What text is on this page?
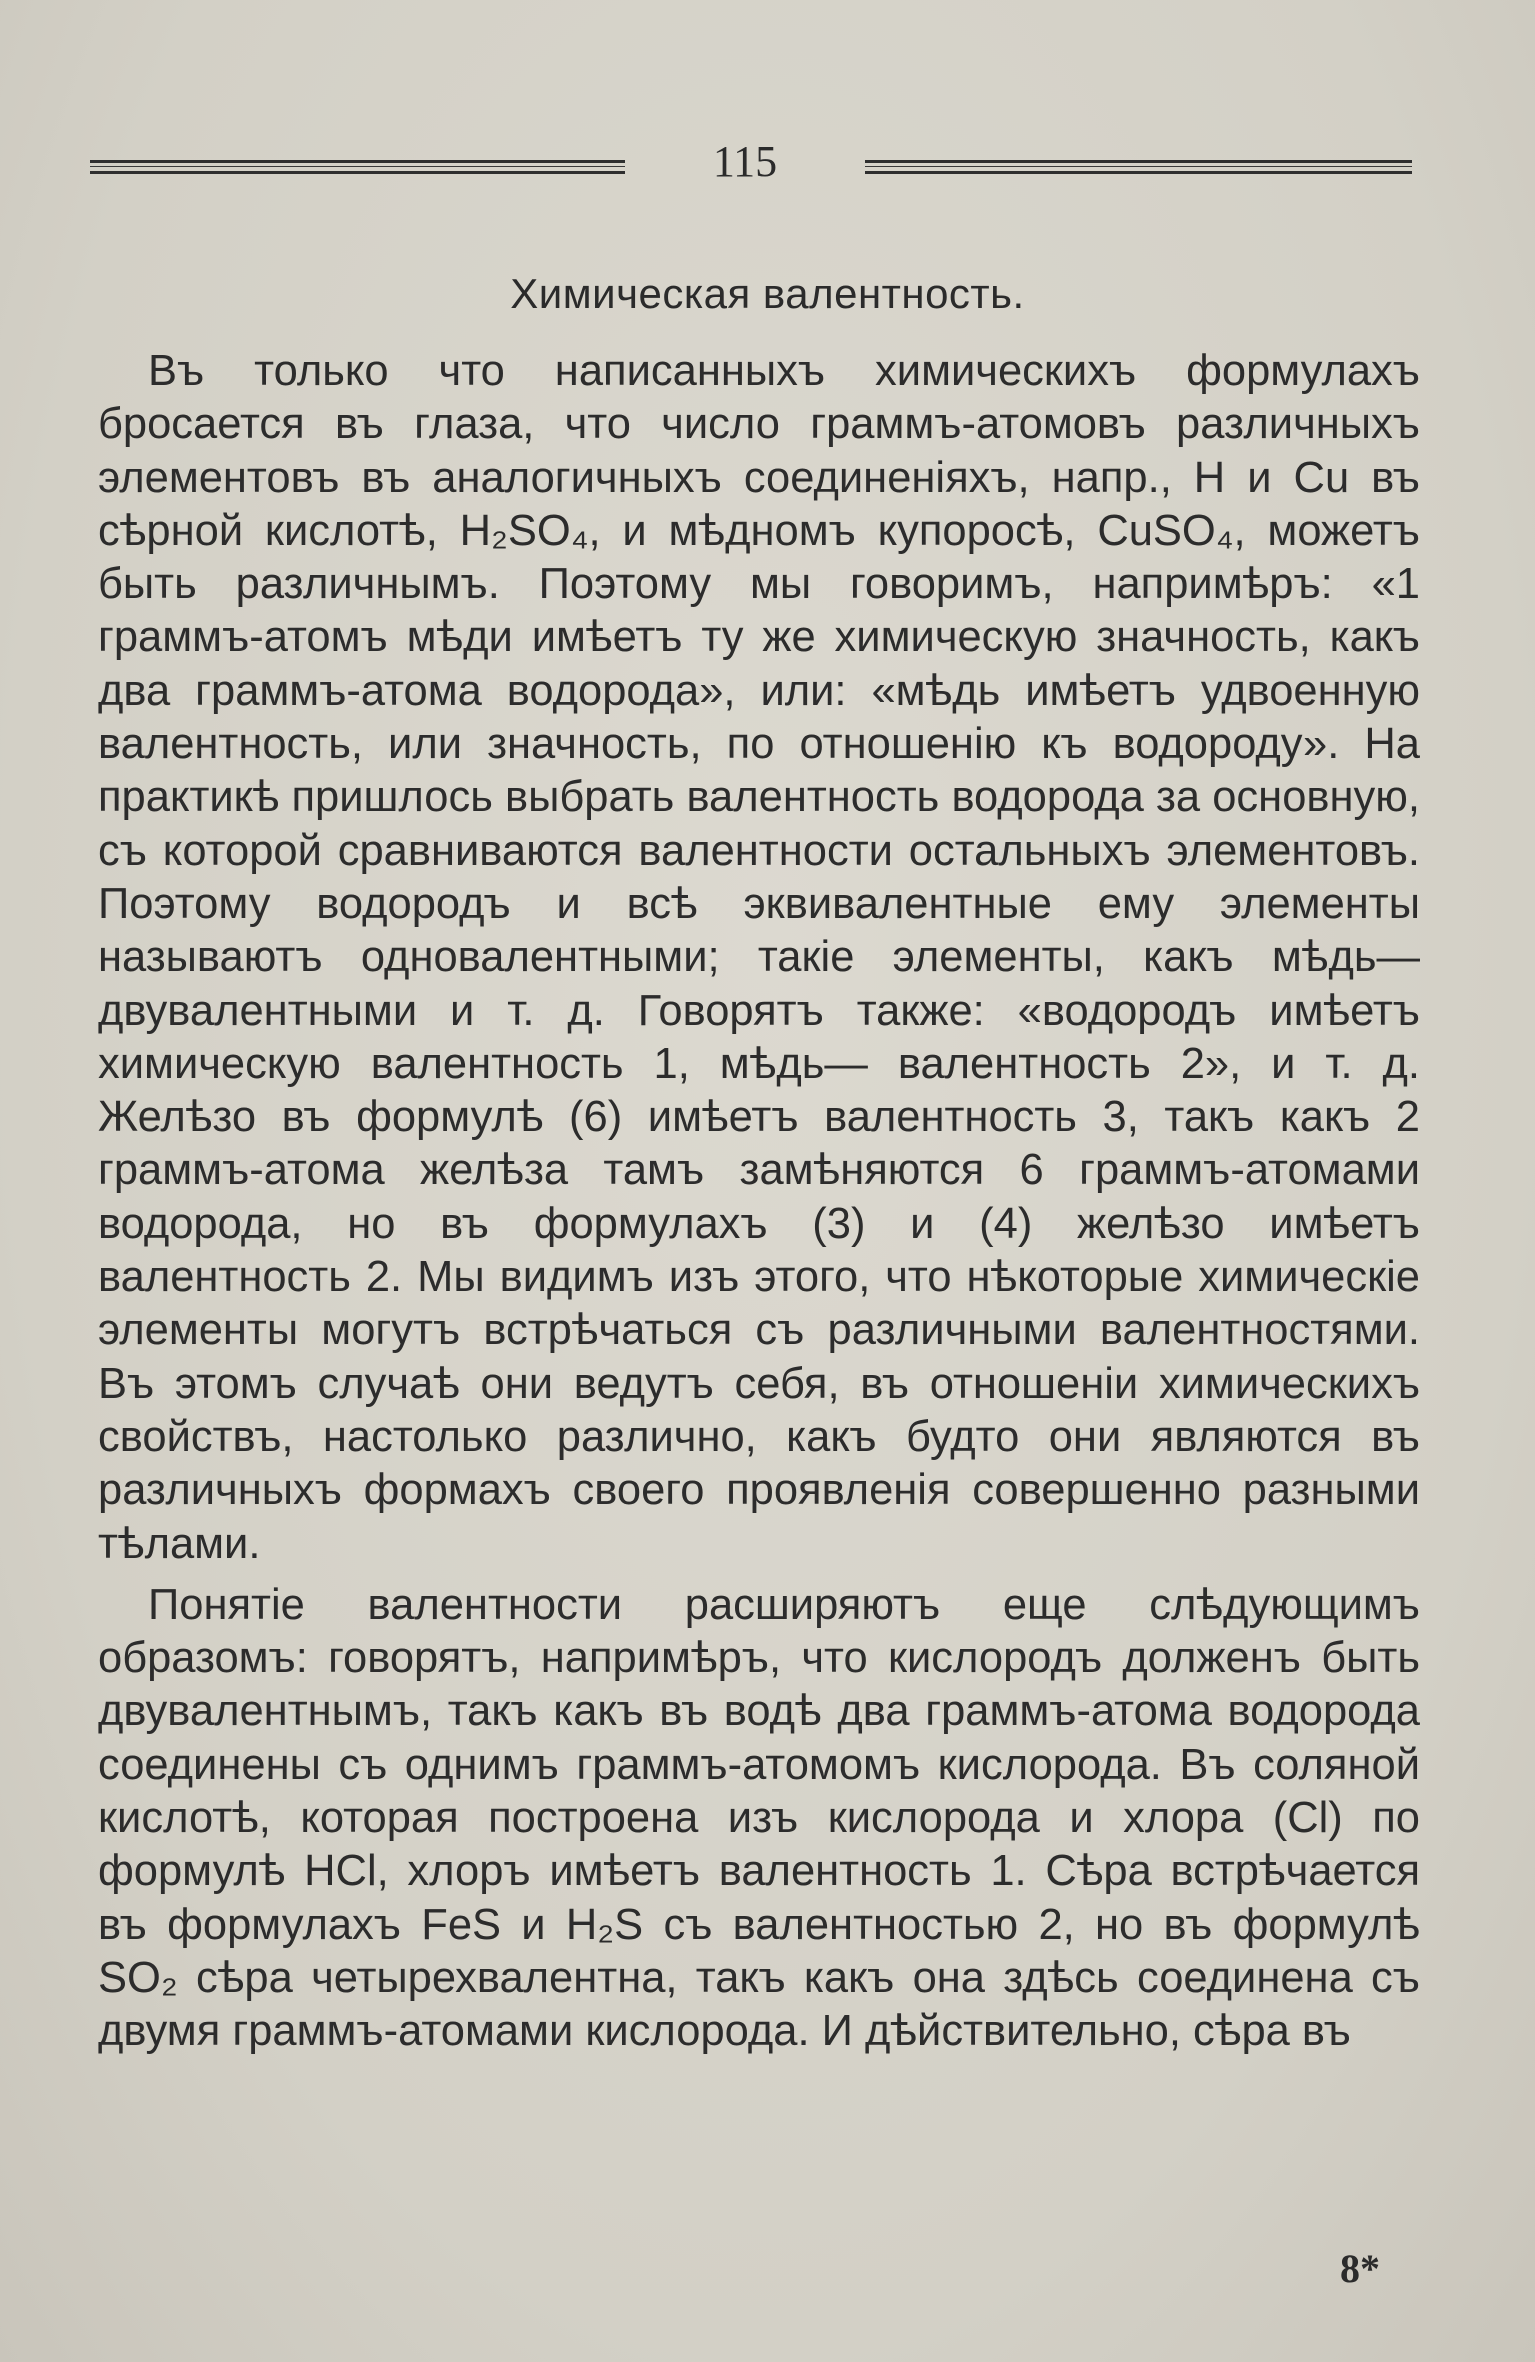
115
Химическая валентность.

Въ только что написанныхъ химическихъ формулахъ бросается въ глаза, что число граммъ-атомовъ различныхъ элементовъ въ аналогичныхъ соединеніяхъ, напр., H и Cu въ сѣрной кислотѣ, H₂SO₄, и мѣдномъ купоросѣ, CuSO₄, можетъ быть различнымъ. Поэтому мы говоримъ, напримѣръ: «1 граммъ-атомъ мѣди имѣетъ ту же химическую значность, какъ два граммъ-атома водорода», или: «мѣдь имѣетъ удвоенную валентность, или значность, по отношенію къ водороду». На практикѣ пришлось выбрать валентность водорода за основную, съ которой сравниваются валентности остальныхъ элементовъ. Поэтому водородъ и всѣ эквивалентные ему элементы называютъ одновалентными; такіе элементы, какъ мѣдь—двувалентными и т. д. Говорятъ также: «водородъ имѣетъ химическую валентность 1, мѣдь— валентность 2», и т. д. Желѣзо въ формулѣ (6) имѣетъ валентность 3, такъ какъ 2 граммъ-атома желѣза тамъ замѣняются 6 граммъ-атомами водорода, но въ формулахъ (3) и (4) желѣзо имѣетъ валентность 2. Мы видимъ изъ этого, что нѣкоторые химическіе элементы могутъ встрѣчаться съ различными валентностями. Въ этомъ случаѣ они ведутъ себя, въ отношеніи химическихъ свойствъ, настолько различно, какъ будто они являются въ различныхъ формахъ своего проявленія совершенно разными тѣлами.

Понятіе валентности расширяютъ еще слѣдующимъ образомъ: говорятъ, напримѣръ, что кислородъ долженъ быть двувалентнымъ, такъ какъ въ водѣ два граммъ-атома водорода соединены съ однимъ граммъ-атомомъ кислорода. Въ соляной кислотѣ, которая построена изъ кислорода и хлора (Cl) по формулѣ HCl, хлоръ имѣетъ валентность 1. Сѣра встрѣчается въ формулахъ FeS и H₂S съ валентностью 2, но въ формулѣ SO₂ сѣра четырехвалентна, такъ какъ она здѣсь соединена съ двумя граммъ-атомами кислорода. И дѣйствительно, сѣра въ

8*
